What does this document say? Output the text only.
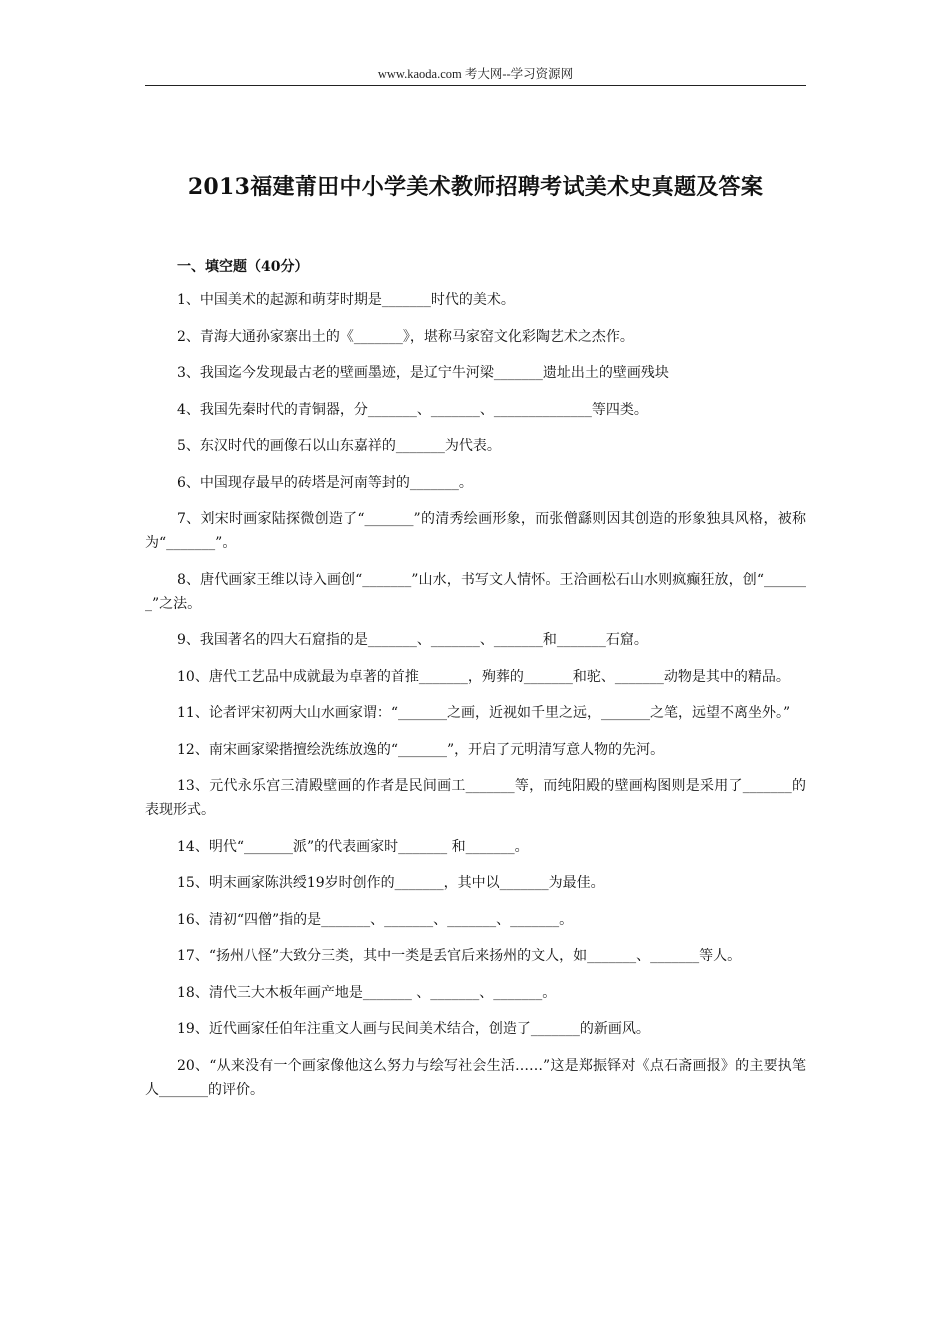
www.kaoda.com 考大网--学习资源网
2013福建莆田中小学美术教师招聘考试美术史真题及答案
一、填空题（40分）

1、中国美术的起源和萌芽时期是_______时代的美术。

2、青海大通孙家寨出土的《_______》，堪称马家窑文化彩陶艺术之杰作。

3、我国迄今发现最古老的壁画墨迹，是辽宁牛河梁_______遗址出土的壁画残块

4、我国先秦时代的青铜器，分_______、_______、______________等四类。

5、东汉时代的画像石以山东嘉祥的_______为代表。

6、中国现存最早的砖塔是河南等封的_______。

7、刘宋时画家陆探微创造了“_______”的清秀绘画形象，而张僧繇则因其创造的形象独具风格，被称为“_______”。

8、唐代画家王维以诗入画创“_______”山水，书写文人情怀。王洽画松石山水则疯癫狂放，创“_______”之法。

9、我国著名的四大石窟指的是_______、_______、_______和_______石窟。

10、唐代工艺品中成就最为卓著的首推_______，殉葬的_______和驼、_______动物是其中的精品。

11、论者评宋初两大山水画家谓：“_______之画，近视如千里之远，_______之笔，远望不离坐外。”

12、南宋画家梁揩擅绘洗练放逸的“_______”，开启了元明清写意人物的先河。

13、元代永乐宫三清殿壁画的作者是民间画工_______等，而纯阳殿的壁画构图则是采用了_______的表现形式。

14、明代“_______派”的代表画家时_______ 和_______。

15、明末画家陈洪绶19岁时创作的_______，其中以_______为最佳。

16、清初“四僧”指的是_______、_______、_______、_______。

17、“扬州八怪”大致分三类，其中一类是丢官后来扬州的文人，如_______、_______等人。

18、清代三大木板年画产地是_______ 、_______、_______。

19、近代画家任伯年注重文人画与民间美术结合，创造了_______的新画风。

20、“从来没有一个画家像他这么努力与绘写社会生活……”这是郑振铎对《点石斋画报》的主要执笔人_______的评价。
